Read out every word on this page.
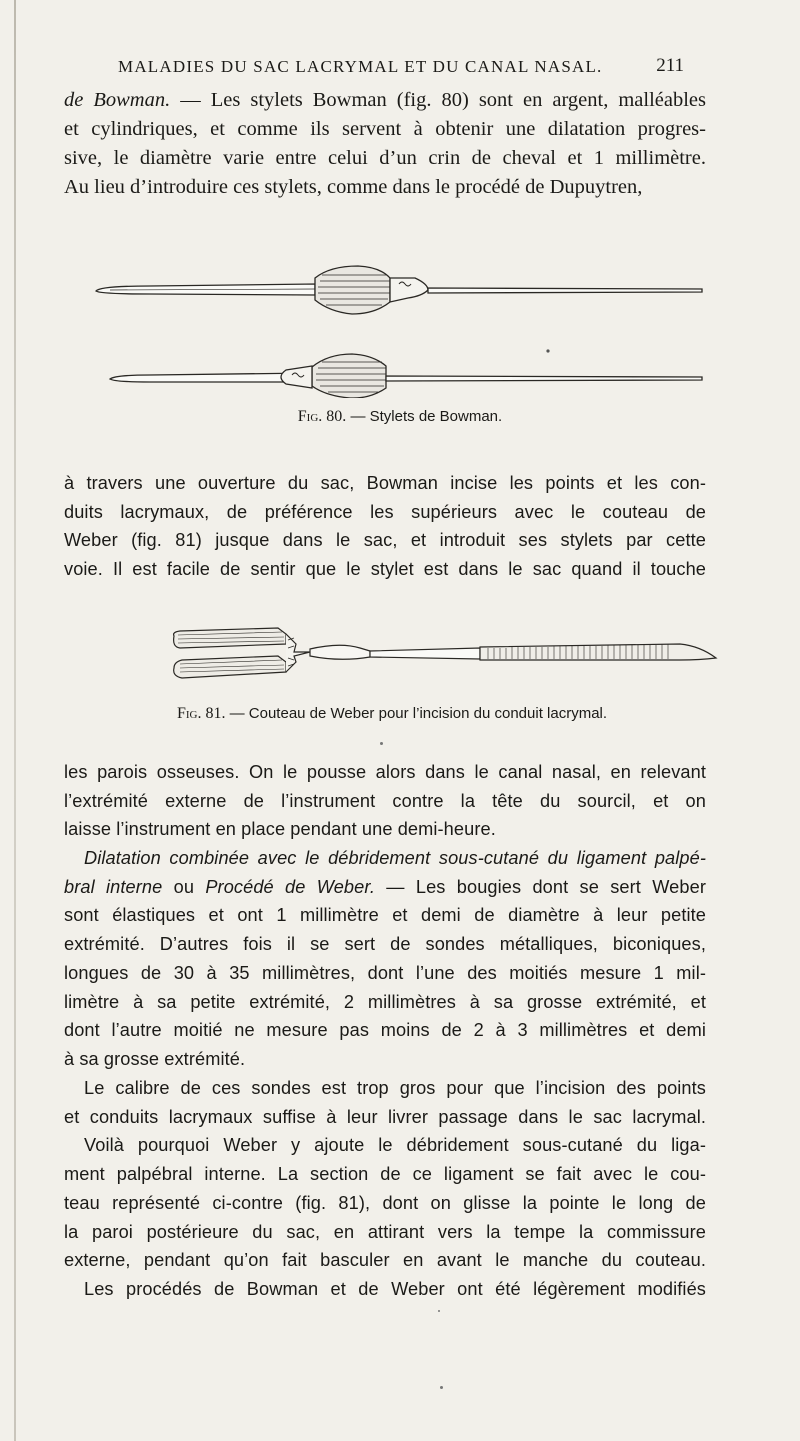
MALADIES DU SAC LACRYMAL ET DU CANAL NASAL.	211

de Bowman. — Les stylets Bowman (fig. 80) sont en argent, malléables
et cylindriques, et comme ils servent à obtenir une dilatation progres-
sive, le diamètre varie entre celui d’un crin de cheval et 1 millimètre.
Au lieu d’introduire ces stylets, comme dans le procédé de Dupuytren,

Fig. 80. — Stylets de Bowman.

à travers une ouverture du sac, Bowman incise les points et les con-
duits lacrymaux, de préférence les supérieurs avec le couteau de
Weber (fig. 81) jusque dans le sac, et introduit ses stylets par cette
voie. Il est facile de sentir que le stylet est dans le sac quand il touche

Fig. 81. — Couteau de Weber pour l’incision du conduit lacrymal.

les parois osseuses. On le pousse alors dans le canal nasal, en relevant
l’extrémité externe de l’instrument contre la tête du sourcil, et on
laisse l’instrument en place pendant une demi-heure.

Dilatation combinée avec le débridement sous-cutané du ligament palpé-
bral interne ou Procédé de Weber. — Les bougies dont se sert Weber
sont élastiques et ont 1 millimètre et demi de diamètre à leur petite
extrémité. D’autres fois il se sert de sondes métalliques, biconiques,
longues de 30 à 35 millimètres, dont l’une des moitiés mesure 1 mil-
limètre à sa petite extrémité, 2 millimètres à sa grosse extrémité, et
dont l’autre moitié ne mesure pas moins de 2 à 3 millimètres et demi
à sa grosse extrémité.

Le calibre de ces sondes est trop gros pour que l’incision des points
et conduits lacrymaux suffise à leur livrer passage dans le sac lacrymal.
Voilà pourquoi Weber y ajoute le débridement sous-cutané du liga-
ment palpébral interne. La section de ce ligament se fait avec le cou-
teau représenté ci-contre (fig. 81), dont on glisse la pointe le long de
la paroi postérieure du sac, en attirant vers la tempe la commissure
externe, pendant qu’on fait basculer en avant le manche du couteau.
Les procédés de Bowman et de Weber ont été légèrement modifiés
